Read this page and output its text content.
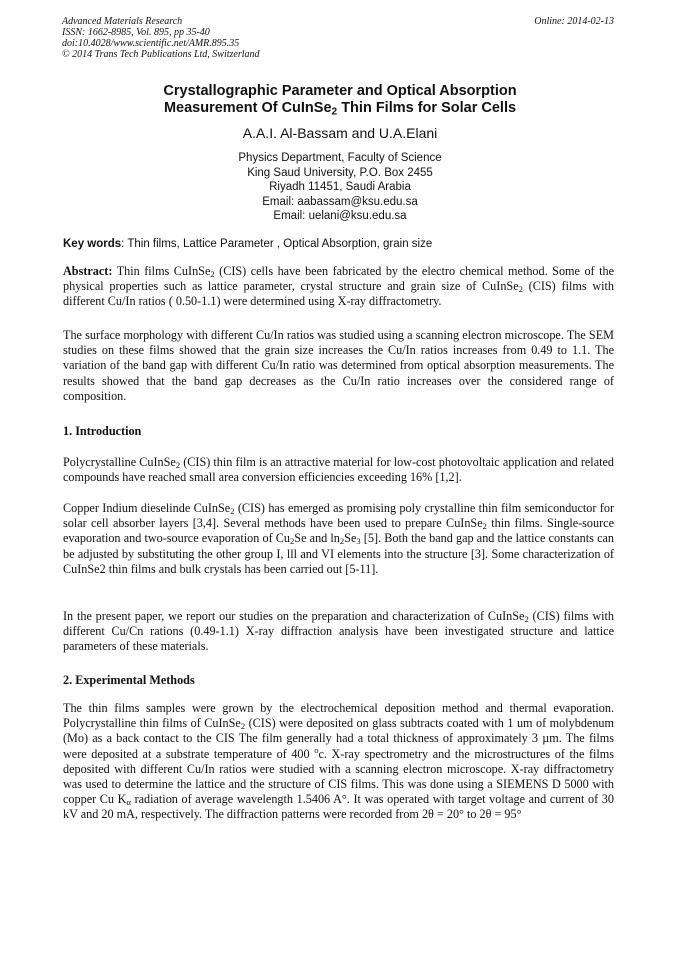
Advanced Materials Research
ISSN: 1662-8985, Vol. 895, pp 35-40
doi:10.4028/www.scientific.net/AMR.895.35
© 2014 Trans Tech Publications Ltd, Switzerland
Online: 2014-02-13
Crystallographic Parameter and Optical Absorption
Measurement Of CuInSe$_2$ Thin Films for Solar Cells
A.A.I. Al-Bassam and U.A.Elani
Physics Department, Faculty of Science
King Saud University, P.O. Box 2455
Riyadh 11451, Saudi Arabia
Email: aabassam@ksu.edu.sa
Email: uelani@ksu.edu.sa
Key words: Thin films, Lattice Parameter , Optical Absorption, grain size
Abstract: Thin films CuInSe$_2$ (CIS) cells have been fabricated by the electro chemical method. Some of the physical properties such as lattice parameter, crystal structure and grain size of CuInSe$_2$ (CIS) films with different Cu/In ratios ( 0.50-1.1) were determined using X-ray diffractometry.
The surface morphology with different Cu/In ratios was studied using a scanning electron microscope. The SEM studies on these films showed that the grain size increases the Cu/In ratios increases from 0.49 to 1.1. The variation of the band gap with different Cu/In ratio was determined from optical absorption measurements. The results showed that the band gap decreases as the Cu/In ratio increases over the considered range of composition.
1. Introduction
Polycrystalline CuInSe$_2$ (CIS) thin film is an attractive material for low-cost photovoltaic application and related compounds have reached small area conversion efficiencies exceeding 16% [1,2].
Copper Indium dieselinde CuInSe$_2$ (CIS) has emerged as promising poly crystalline thin film semiconductor for solar cell absorber layers [3,4]. Several methods have been used to prepare CuInSe$_2$ thin films. Single-source evaporation and two-source evaporation of $Cu_2Se$ and $\ln_2Se_3$ [5]. Both the band gap and the lattice constants can be adjusted by substituting the other group I, lll and VI elements into the structure [3]. Some characterization of CuInSe2 thin films and bulk crystals has been carried out [5-11].
In the present paper, we report our studies on the preparation and characterization of CuInSe$_2$ (CIS) films with different Cu/Cn rations (0.49-1.1) X-ray diffraction analysis have been investigated structure and lattice parameters of these materials.
2. Experimental Methods
The thin films samples were grown by the electrochemical deposition method and thermal evaporation. Polycrystalline thin films of CuInSe$_2$ (CIS) were deposited on glass subtracts coated with 1 um of molybdenum (Mo) as a back contact to the CIS The film generally had a total thickness of approximately 3 µm. The films were deposited at a substrate temperature of 400 $^o$c. X-ray spectrometry and the microstructures of the films deposited with different Cu/In ratios were studied with a scanning electron microscope. X-ray diffractometry was used to determine the lattice and the structure of CIS films. This was done using a SIEMENS D 5000 with copper Cu $K_\alpha$ radiation of average wavelength 1.5406 A°. It was operated with target voltage and current of 30 kV and 20 mA, respectively. The diffraction patterns were recorded from 2θ = 20° to 2θ = 95°
